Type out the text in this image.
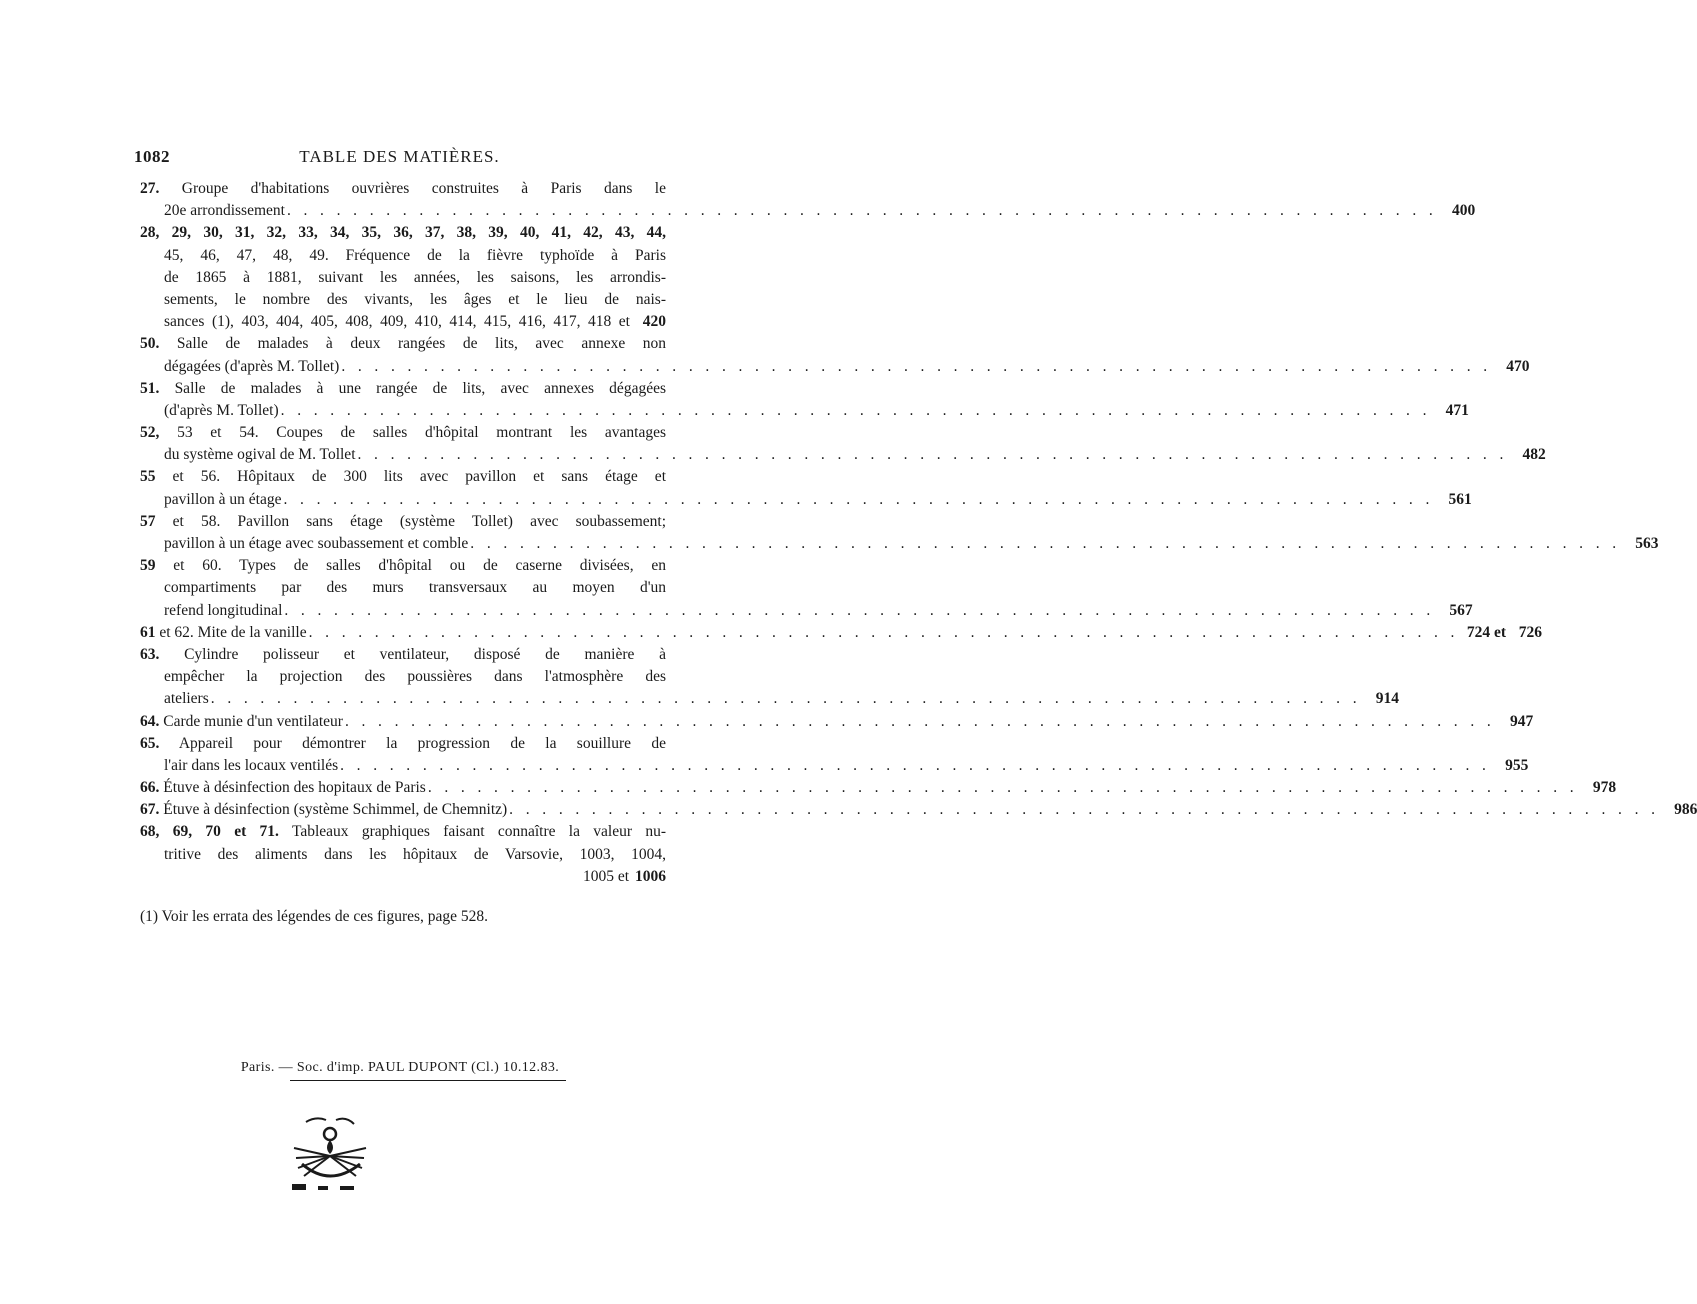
1082	TABLE DES MATIÈRES.
27. Groupe d'habitations ouvrières construites à Paris dans le
20e arrondissement . . .	400
28, 29, 30, 31, 32, 33, 34, 35, 36, 37, 38, 39, 40, 41, 42, 43, 44,
45, 46, 47, 48, 49. Fréquence de la fièvre typhoïde à Paris
de 1865 à 1881, suivant les années, les saisons, les arrondis-
sements, le nombre des vivants, les âges et le lieu de nais-
sances (1), 403, 404, 405, 408, 409, 410, 414, 415, 416, 417, 418 et 420
50. Salle de malades à deux rangées de lits, avec annexe non
dégagées (d'après M. Tollet) . . .	470
51. Salle de malades à une rangée de lits, avec annexes dégagées
(d'après M. Tollet) . . .	471
52, 53 et 54. Coupes de salles d'hôpital montrant les avantages
du système ogival de M. Tollet . . .	482
55 et 56. Hôpitaux de 300 lits avec pavillon et sans étage et
pavillon à un étage . . .	561
57 et 58. Pavillon sans étage (système Tollet) avec soubassement;
pavillon à un étage avec soubassement et comble . . .	563
59 et 60. Types de salles d'hôpital ou de caserne divisées, en
compartiments par des murs transversaux au moyen d'un
refend longitudinal . . .	567
61 et 62. Mite de la vanille . . .	724 et 726
63. Cylindre polisseur et ventilateur, disposé de manière à
empêcher la projection des poussières dans l'atmosphère des
ateliers . . .	914
64. Carde munie d'un ventilateur . . .	947
65. Appareil pour démontrer la progression de la souillure de
l'air dans les locaux ventilés . . .	955
66. Étuve à désinfection des hopitaux de Paris . . .	978
67. Étuve à désinfection (système Schimmel, de Chemnitz) . . .	986
68, 69, 70 et 71. Tableaux graphiques faisant connaître la valeur nu-
tritive des aliments dans les hôpitaux de Varsovie, 1003, 1004,
1005 et 1006
(1) Voir les errata des légendes de ces figures, page 528.
Paris. — Soc. d'imp. PAUL DUPONT (Cl.) 10.12.83.
